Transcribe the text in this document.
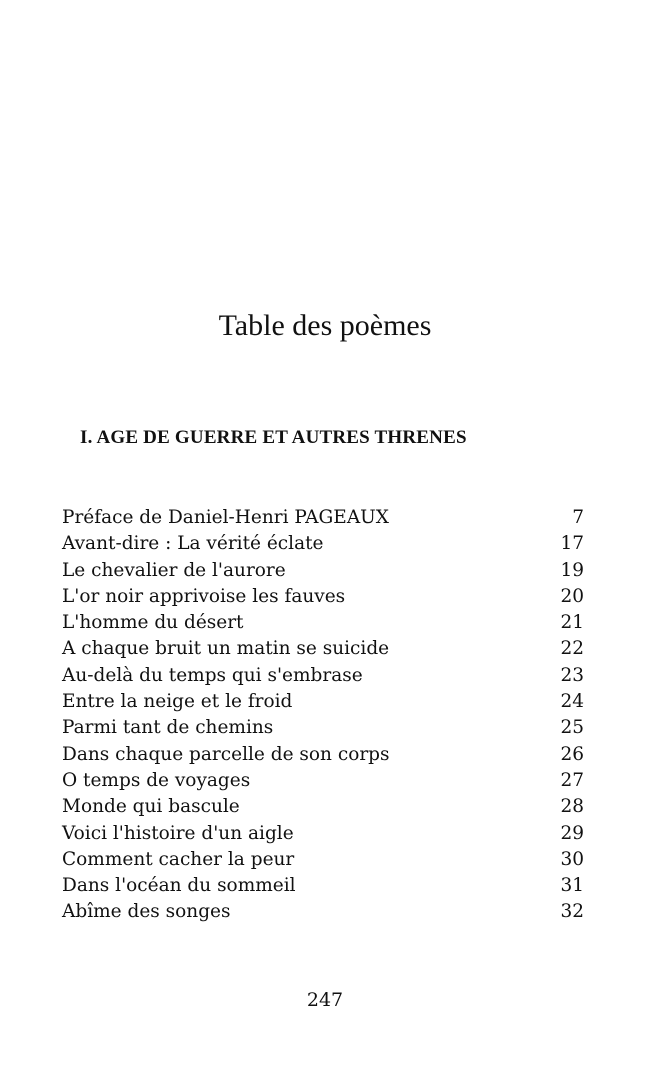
Table des poèmes
I. AGE DE GUERRE ET AUTRES THRENES
Préface de Daniel-Henri PAGEAUX	7
Avant-dire : La vérité éclate	17
Le chevalier de l'aurore	19
L'or noir apprivoise les fauves	20
L'homme du désert	21
A chaque bruit un matin se suicide	22
Au-delà du temps qui s'embrase	23
Entre la neige et le froid	24
Parmi tant de chemins	25
Dans chaque parcelle de son corps	26
O temps de voyages	27
Monde qui bascule	28
Voici l'histoire d'un aigle	29
Comment cacher la peur	30
Dans l'océan du sommeil	31
Abîme des songes	32
247
